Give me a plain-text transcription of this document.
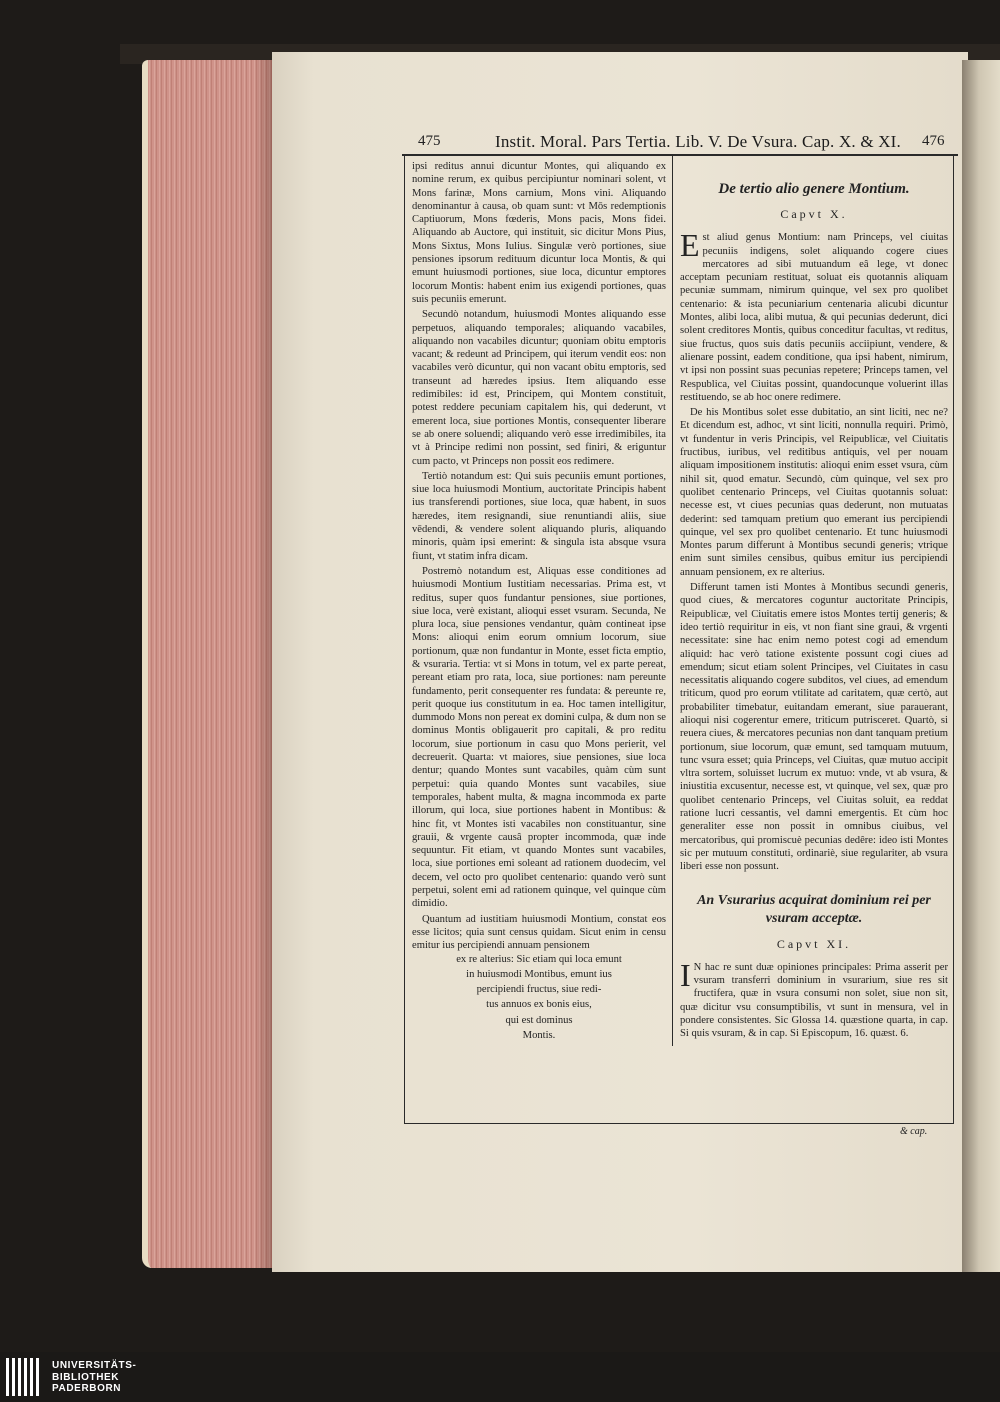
475	Instit. Moral. Pars Tertia. Lib. V. De Vsura. Cap. X. & XI. 476

ipsi reditus annui dicuntur Montes, qui aliquando ex nomine rerum, ex quibus percipiuntur nominari solent, vt Mons farinæ, Mons carnium, Mons vini. Aliquando denominantur à causa, ob quam sunt: vt Mōs redemptionis Captiuorum, Mons fœderis, Mons pacis, Mons fidei. Aliquando ab Auctore, qui instituit, sic dicitur Mons Pius, Mons Sixtus, Mons Iulius. Singulæ verò portiones, siue pensiones ipsorum redituum dicuntur loca Montis, & qui emunt huiusmodi portiones, siue loca, dicuntur emptores locorum Montis: habent enim ius exigendi portiones, quas suis pecuniis emerunt.

Secundò notandum, huiusmodi Montes aliquando esse perpetuos, aliquando temporales; aliquando vacabiles, aliquando non vacabiles dicuntur; quoniam obitu emptoris vacant; & redeunt ad Principem, qui iterum vendit eos: non vacabiles verò dicuntur, qui non vacant obitu emptoris, sed transeunt ad hæredes ipsius. Item aliquando esse redimibiles: id est, Principem, qui Montem constituit, potest reddere pecuniam capitalem his, qui dederunt, vt emerent loca, siue portiones Montis, consequenter liberare se ab onere soluendi; aliquando verò esse irredimibiles, ita vt à Principe redimi non possint, sed finiri, & eriguntur cum pacto, vt Princeps non possit eos redimere.

Tertiò notandum est: Qui suis pecuniis emunt portiones, siue loca huiusmodi Montium, auctoritate Principis habent ius transferendi portiones, siue loca, quæ habent, in suos hæredes, item resignandi, siue renuntiandi aliis, siue vēdendi, & vendere solent aliquando pluris, aliquando minoris, quàm ipsi emerint: & singula ista absque vsura fiunt, vt statim infra dicam.

Postremò notandum est, Aliquas esse conditiones ad huiusmodi Montium Iustitiam necessarias. Prima est, vt reditus, super quos fundantur pensiones, siue portiones, siue loca, verè existant, alioqui esset vsuram. Secunda, Ne plura loca, siue pensiones vendantur, quàm contineat ipse Mons: alioqui enim eorum omnium locorum, siue portionum, quæ non fundantur in Monte, esset ficta emptio, & vsuraria. Tertia: vt si Mons in totum, vel ex parte pereat, pereant etiam pro rata, loca, siue portiones: nam pereunte fundamento, perit consequenter res fundata: & pereunte re, perit quoque ius constitutum in ea. Hoc tamen intelligitur, dummodo Mons non pereat ex domini culpa, & dum non se dominus Montis obligauerit pro capitali, & pro reditu locorum, siue portionum in casu quo Mons perierit, vel decreuerit. Quarta: vt maiores, siue pensiones, siue loca dentur; quando Montes sunt vacabiles, quàm cùm sunt perpetui: quia quando Montes sunt vacabiles, siue temporales, habent multa, & magna incommoda ex parte illorum, qui loca, siue portiones habent in Montibus: & hinc fit, vt Montes isti vacabiles non constituantur, sine grauii, & vrgente causâ propter incommoda, quæ inde sequuntur. Fit etiam, vt quando Montes sunt vacabiles, loca, siue portiones emi soleant ad rationem duodecim, vel decem, vel octo pro quolibet centenario: quando verò sunt perpetui, solent emi ad rationem quinque, vel quinque cùm dimidio.

Quantum ad iustitiam huiusmodi Montium, constat eos esse licitos; quia sunt census quidam. Sicut enim in censu emitur ius percipiendi annuam pensionem

ex re alterius: Sic etiam qui loca emunt

in huiusmodi Montibus, emunt ius

percipiendi fructus, siue redi-

tus annuos ex bonis eius,

qui est dominus

Montis.

De tertio alio genere Montium.
Capvt X.

Est aliud genus Montium: nam Princeps, vel ciuitas pecuniis indigens, solet aliquando cogere ciues mercatores ad sibi mutuandum eâ lege, vt donec acceptam pecuniam restituat, soluat eis quotannis aliquam pecuniæ summam, nimirum quinque, vel sex pro quolibet centenario: & ista pecuniarium centenaria alicubi dicuntur Montes, alibi loca, alibi mutua, & qui pecunias dederunt, dici solent creditores Montis, quibus conceditur facultas, vt reditus, siue fructus, quos suis datis pecuniis acciipiunt, vendere, & alienare possint, eadem conditione, qua ipsi habent, nimirum, vt ipsi non possint suas pecunias repetere; Princeps tamen, vel Respublica, vel Ciuitas possint, quandocunque voluerint illas restituendo, se ab hoc onere redimere.

De his Montibus solet esse dubitatio, an sint liciti, nec ne? Et dicendum est, adhoc, vt sint liciti, nonnulla requiri. Primò, vt fundentur in veris Principis, vel Reipublicæ, vel Ciuitatis fructibus, iuribus, vel reditibus antiquis, vel per nouam aliquam impositionem institutis: alioqui enim esset vsura, cùm nihil sit, quod ematur. Secundò, cùm quinque, vel sex pro quolibet centenario Princeps, vel Ciuitas quotannis soluat: necesse est, vt ciues pecunias quas dederunt, non mutuatas dederint: sed tamquam pretium quo emerant ius percipiendi quinque, vel sex pro quolibet centenario. Et tunc huiusmodi Montes parum differunt à Montibus secundi generis; vtrique enim sunt similes censibus, quibus emitur ius percipiendi annuam pensionem, ex re alterius.

Differunt tamen isti Montes à Montibus secundi generis, quod ciues, & mercatores coguntur auctoritate Principis, Reipublicæ, vel Ciuitatis emere istos Montes tertij generis; & ideo tertiò requiritur in eis, vt non fiant sine graui, & vrgenti necessitate: sine hac enim nemo potest cogi ad emendum aliquid: hac verò tatione existente possunt cogi ciues ad emendum; sicut etiam solent Principes, vel Ciuitates in casu necessitatis aliquando cogere subditos, vel ciues, ad emendum triticum, quod pro eorum vtilitate ad caritatem, quæ certò, aut probabiliter timebatur, euitandam emerant, siue parauerant, alioqui nisi cogerentur emere, triticum putrisceret. Quartò, si reuera ciues, & mercatores pecunias non dant tanquam pretium portionum, siue locorum, quæ emunt, sed tamquam mutuum, tunc vsura esset; quia Princeps, vel Ciuitas, quæ mutuo accipit vltra sortem, soluisset lucrum ex mutuo: vnde, vt ab vsura, & iniustitia excusentur, necesse est, vt quinque, vel sex, quæ pro quolibet centenario Princeps, vel Ciuitas soluit, ea reddat ratione lucri cessantis, vel damni emergentis. Et cùm hoc generaliter esse non possit in omnibus ciuibus, vel mercatoribus, qui promiscuè pecunias dedêre: ideo isti Montes sic per mutuum constituti, ordinariè, siue regulariter, ab vsura liberi esse non possunt.

An Vsurarius acquirat dominium rei per vsuram acceptæ.
Capvt XI.

I N hac re sunt duæ opiniones principales: Prima asserit per vsuram transferri dominium in vsurarium, siue res sit fructifera, quæ in vsura consumi non solet, siue non sit, quæ dicitur vsu consumptibilis, vt sunt in mensura, vel in pondere consistentes. Sic Glossa 14. quæstione quarta, in cap. Si quis vsuram, & in cap. Si Episcopum, 16. quæst. 6.

& cap.
UNIVERSITÄTS-
BIBLIOTHEK
PADERBORN
